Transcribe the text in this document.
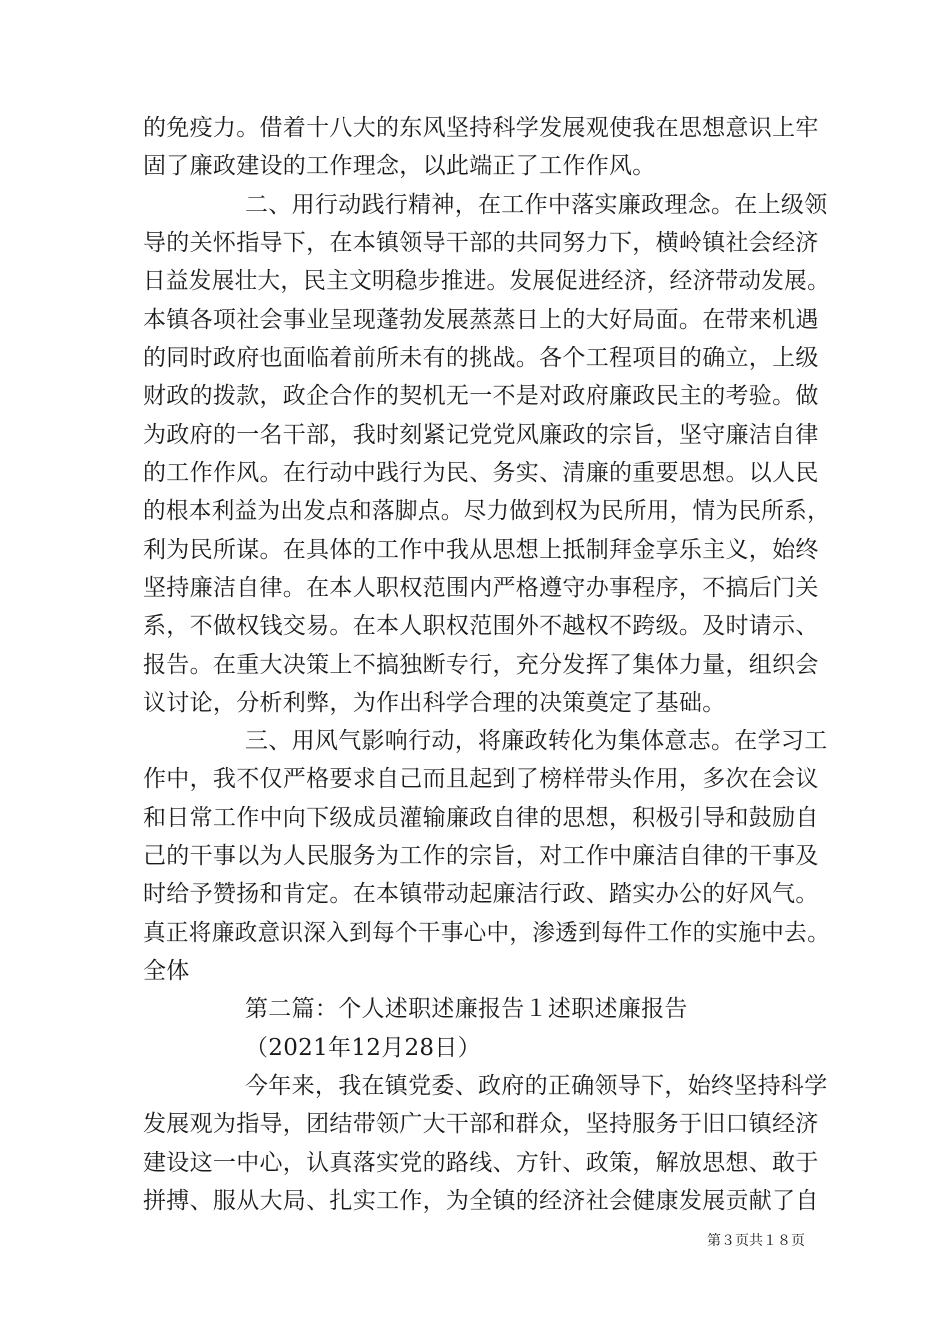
的免疫力。借着十八大的东风坚持科学发展观使我在思想意识上牢
固了廉政建设的工作理念，以此端正了工作作风。
二、用行动践行精神，在工作中落实廉政理念。在上级领
导的关怀指导下，在本镇领导干部的共同努力下，横岭镇社会经济
日益发展壮大，民主文明稳步推进。发展促进经济，经济带动发展。
本镇各项社会事业呈现蓬勃发展蒸蒸日上的大好局面。在带来机遇
的同时政府也面临着前所未有的挑战。各个工程项目的确立，上级
财政的拨款，政企合作的契机无一不是对政府廉政民主的考验。做
为政府的一名干部，我时刻紧记党党风廉政的宗旨，坚守廉洁自律
的工作作风。在行动中践行为民、务实、清廉的重要思想。以人民
的根本利益为出发点和落脚点。尽力做到权为民所用，情为民所系，
利为民所谋。在具体的工作中我从思想上抵制拜金享乐主义，始终
坚持廉洁自律。在本人职权范围内严格遵守办事程序，不搞后门关
系，不做权钱交易。在本人职权范围外不越权不跨级。及时请示、
报告。在重大决策上不搞独断专行，充分发挥了集体力量，组织会
议讨论，分析利弊，为作出科学合理的决策奠定了基础。
三、用风气影响行动，将廉政转化为集体意志。在学习工
作中，我不仅严格要求自己而且起到了榜样带头作用，多次在会议
和日常工作中向下级成员灌输廉政自律的思想，积极引导和鼓励自
己的干事以为人民服务为工作的宗旨，对工作中廉洁自律的干事及
时给予赞扬和肯定。在本镇带动起廉洁行政、踏实办公的好风气。
真正将廉政意识深入到每个干事心中，渗透到每件工作的实施中去。
全体
第二篇：个人述职述廉报告１述职述廉报告
（2021年12月28日）
今年来，我在镇党委、政府的正确领导下，始终坚持科学
发展观为指导，团结带领广大干部和群众，坚持服务于旧口镇经济
建设这一中心，认真落实党的路线、方针、政策，解放思想、敢于
拼搏、服从大局、扎实工作，为全镇的经济社会健康发展贡献了自
第３页共１８页
